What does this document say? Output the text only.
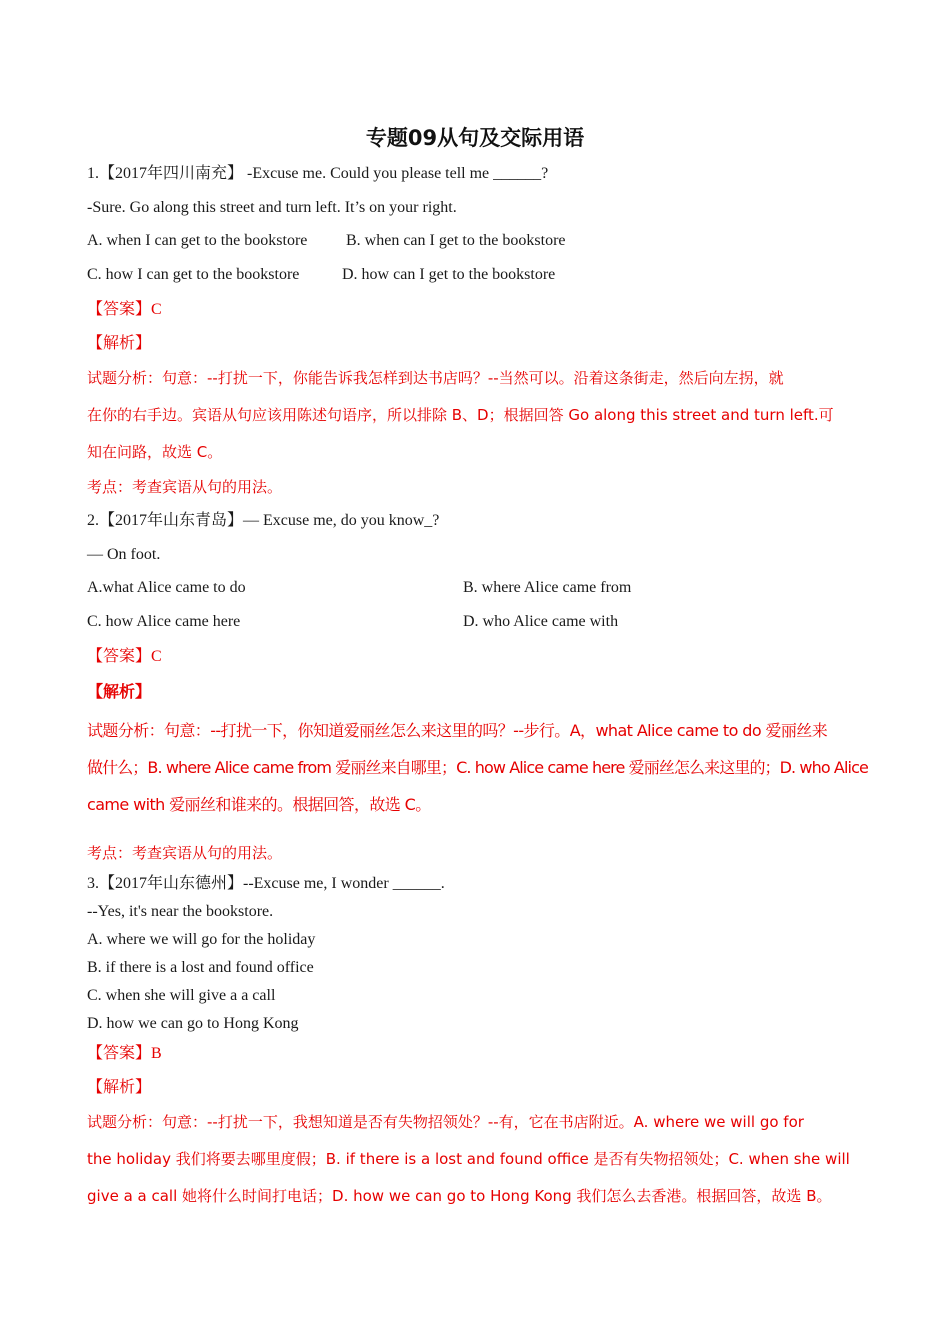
专题09从句及交际用语
1.【2017年四川南充】 -Excuse me. Could you please tell me ______?
-Sure. Go along this street and turn left. It’s on your right.
A. when I can get to the bookstore B. when can I get to the bookstore
C. how I can get to the bookstore	D. how can I get to the bookstore
【答案】C
【解析】
试题分析：句意：--打扰一下，你能告诉我怎样到达书店吗？--当然可以。沿着这条街走，然后向左拐，就
在你的右手边。宾语从句应该用陈述句语序，所以排除 B、D；根据回答 Go along this street and turn left.可
知在问路，故选 C。
考点：考查宾语从句的用法。
2.【2017年山东青岛】— Excuse me, do you know_?
— On foot.
A.what Alice came to do	B. where Alice came from
C. how Alice came here	D. who Alice came with
【答案】C
【解析】
试题分析：句意：--打扰一下，你知道爱丽丝怎么来这里的吗？--步行。A，what Alice came to do 爱丽丝来
做什么；B. where Alice came from 爱丽丝来自哪里；C. how Alice came here 爱丽丝怎么来这里的；D. who Alice
came with 爱丽丝和谁来的。根据回答，故选 C。
考点：考查宾语从句的用法。
3.【2017年山东德州】--Excuse me, I wonder ______.
--Yes, it's near the bookstore.
A. where we will go for the holiday
B. if there is a lost and found office
C. when she will give a a call
D. how we can go to Hong Kong
【答案】B
【解析】
试题分析：句意：--打扰一下，我想知道是否有失物招领处？--有，它在书店附近。A. where we will go for
the holiday 我们将要去哪里度假；B. if there is a lost and found office 是否有失物招领处；C. when she will
give a a call 她将什么时间打电话；D. how we can go to Hong Kong 我们怎么去香港。根据回答，故选 B。
